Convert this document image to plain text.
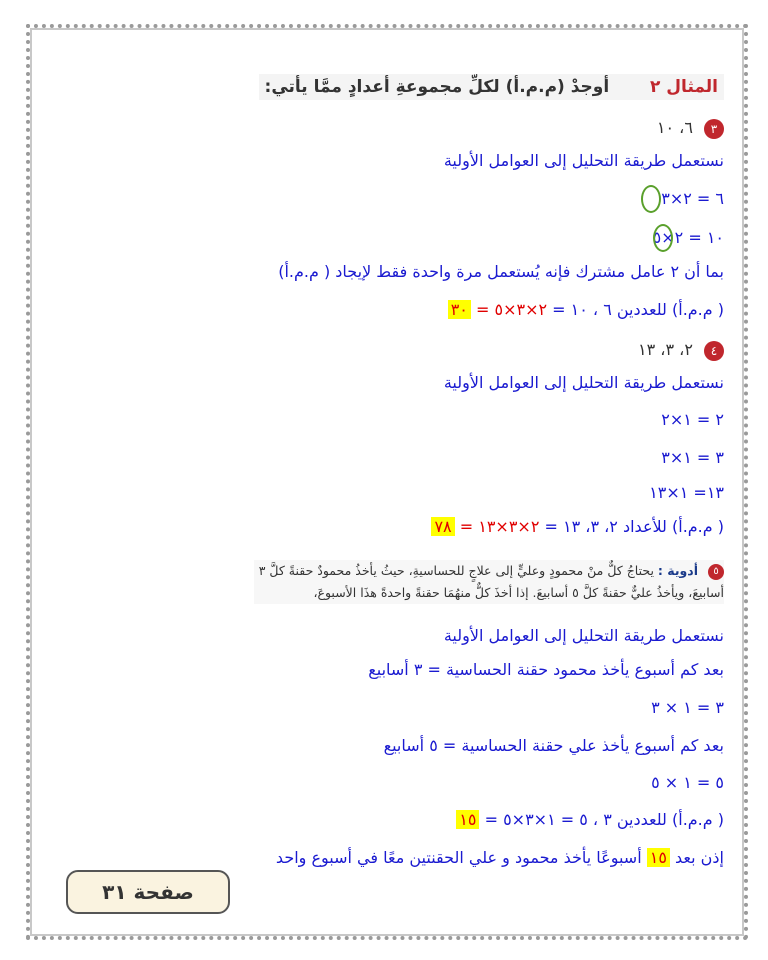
المثال ٢  أوجدْ (م.م.أ) لكلِّ مجموعةِ أعدادٍ ممَّا يأتي:
٣ ٦، ١٠
نستعمل طريقة التحليل إلى العوامل الأولية
٦ = ٢×٣
١٠ = ٢×٥
بما أن ٢ عامل مشترك فإنه يُستعمل مرة واحدة فقط لإيجاد ( م.م.أ)
( م.م.أ) للعددين ٦ ، ١٠ = ٢×٣×٥ = ٣٠
٤ ٢، ٣، ١٣
نستعمل طريقة التحليل إلى العوامل الأولية
٢ = ١×٢
٣ = ١×٣
١٣= ١×١٣
( م.م.أ) للأعداد ٢، ٣، ١٣ = ٢×٣×١٣ = ٧٨
٥ أدوية : يحتاجُ كلٌّ منْ محمودٍ وعليٍّ إلى علاجٍ للحساسيةِ، حيثُ يأخذُ محمودٌ حقنةً كلَّ ٣ أسابيعَ، ويأخذُ عليٌّ حقنةً كلَّ ٥ أسابيعَ. إذا أخذَ كلٌّ منهُمَا حقنةً واحدةً هذَا الأسبوعَ،
نستعمل طريقة التحليل إلى العوامل الأولية
بعد كم أسبوع يأخذ محمود حقنة الحساسية = ٣ أسابيع
٣ = ١ × ٣
بعد كم أسبوع يأخذ علي حقنة الحساسية = ٥ أسابيع
٥ = ١ × ٥
( م.م.أ) للعددين ٣ ، ٥ = ١×٣×٥ = ١٥
إذن بعد ١٥ أسبوعًا يأخذ محمود و علي الحقنتين معًا في أسبوع واحد
صفحة ٣١
